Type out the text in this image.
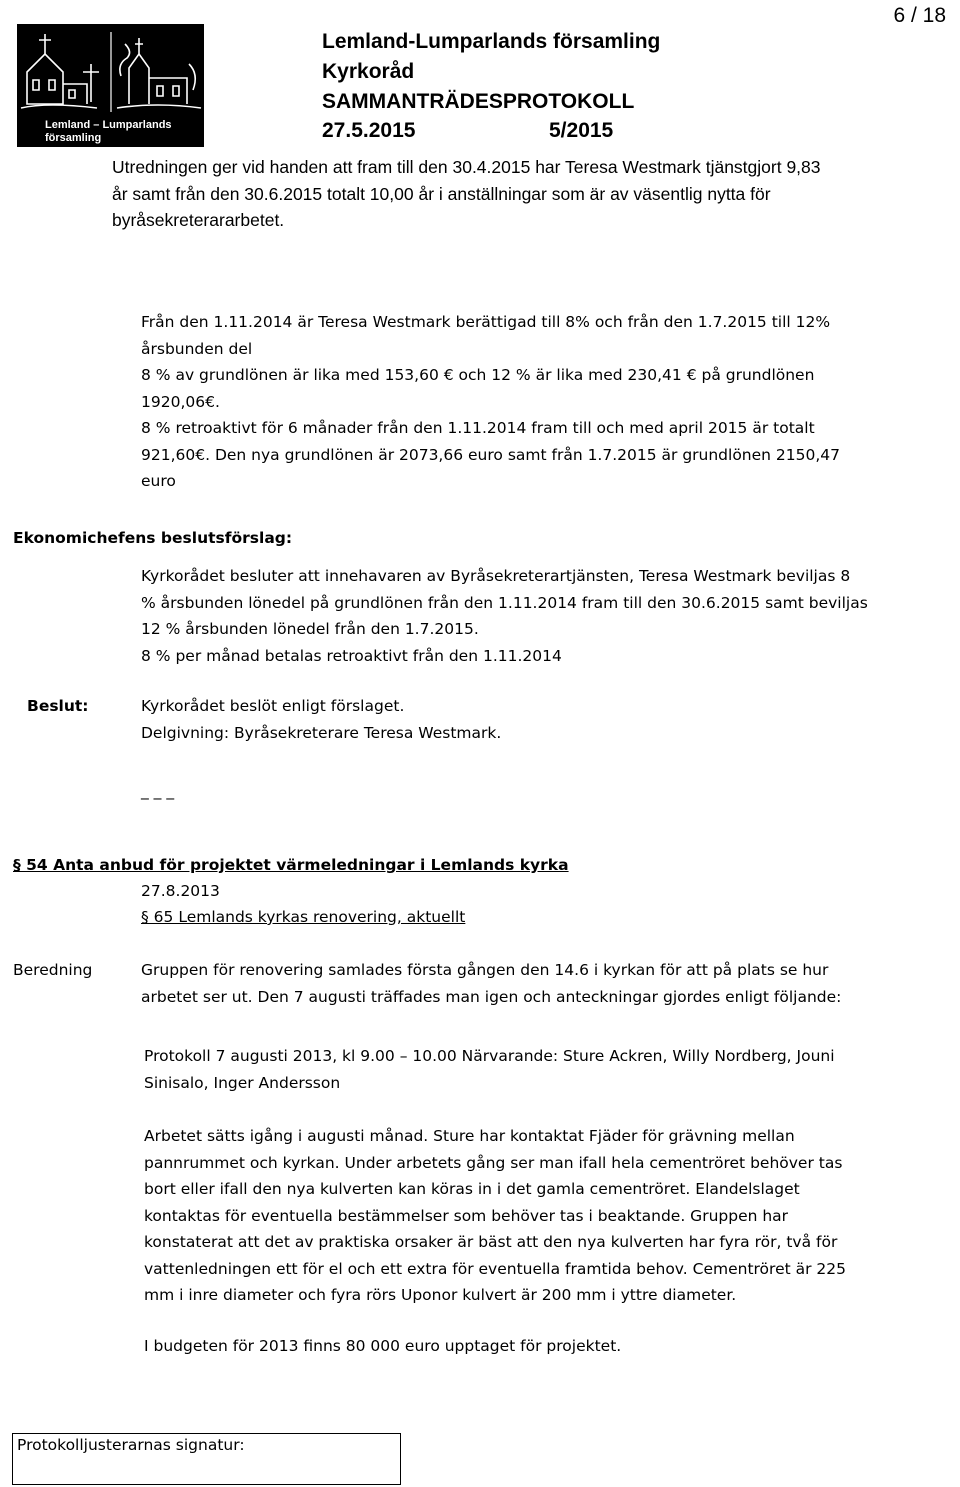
Lemland – Lumparlands
församling
Lemland-Lumparlands församling
Kyrkoråd
SAMMANTRÄDESPROTOKOLL
27.5.2015	5/2015
6 / 18
Utredningen ger vid handen att fram till den 30.4.2015 har Teresa Westmark tjänstgjort 9,83
år samt från den 30.6.2015 totalt 10,00 år i anställningar som är av väsentlig nytta för
byråsekreterararbetet.
Från den 1.11.2014 är Teresa Westmark berättigad till 8% och från den 1.7.2015 till 12%
årsbunden del
8 % av grundlönen är lika med 153,60 € och 12 % är lika med 230,41 € på grundlönen
1920,06€.
8 % retroaktivt för 6 månader från den 1.11.2014 fram till och med april 2015 är totalt
921,60€. Den nya grundlönen är 2073,66 euro samt från 1.7.2015 är grundlönen 2150,47
euro
Ekonomichefens beslutsförslag:
Kyrkorådet besluter att innehavaren av Byråsekreterartjänsten, Teresa Westmark beviljas 8
% årsbunden lönedel på grundlönen från den 1.11.2014 fram till den 30.6.2015 samt beviljas
12 % årsbunden lönedel från den 1.7.2015.
8 % per månad betalas retroaktivt från den 1.11.2014
Beslut:	Kyrkorådet beslöt enligt förslaget.
Delgivning: Byråsekreterare Teresa Westmark.
_ _ _
§ 54 Anta anbud för projektet värmeledningar i Lemlands kyrka
27.8.2013
§ 65 Lemlands kyrkas renovering, aktuellt
Beredning	Gruppen för renovering samlades första gången den 14.6 i kyrkan för att på plats se hur
arbetet ser ut. Den 7 augusti träffades man igen och anteckningar gjordes enligt följande:
Protokoll 7 augusti 2013, kl 9.00 – 10.00 Närvarande: Sture Ackren, Willy Nordberg, Jouni
Sinisalo, Inger Andersson
Arbetet sätts igång i augusti månad. Sture har kontaktat Fjäder för grävning mellan
pannrummet och kyrkan. Under arbetets gång ser man ifall hela cementröret behöver tas
bort eller ifall den nya kulverten kan köras in i det gamla cementröret. Elandelslaget
kontaktas för eventuella bestämmelser som behöver tas i beaktande. Gruppen har
konstaterat att det av praktiska orsaker är bäst att den nya kulverten har fyra rör, två för
vattenledningen ett för el och ett extra för eventuella framtida behov. Cementröret är 225
mm i inre diameter och fyra rörs Uponor kulvert är 200 mm i yttre diameter.
I budgeten för 2013 finns 80 000 euro upptaget för projektet.
Protokolljusterarnas signatur:
